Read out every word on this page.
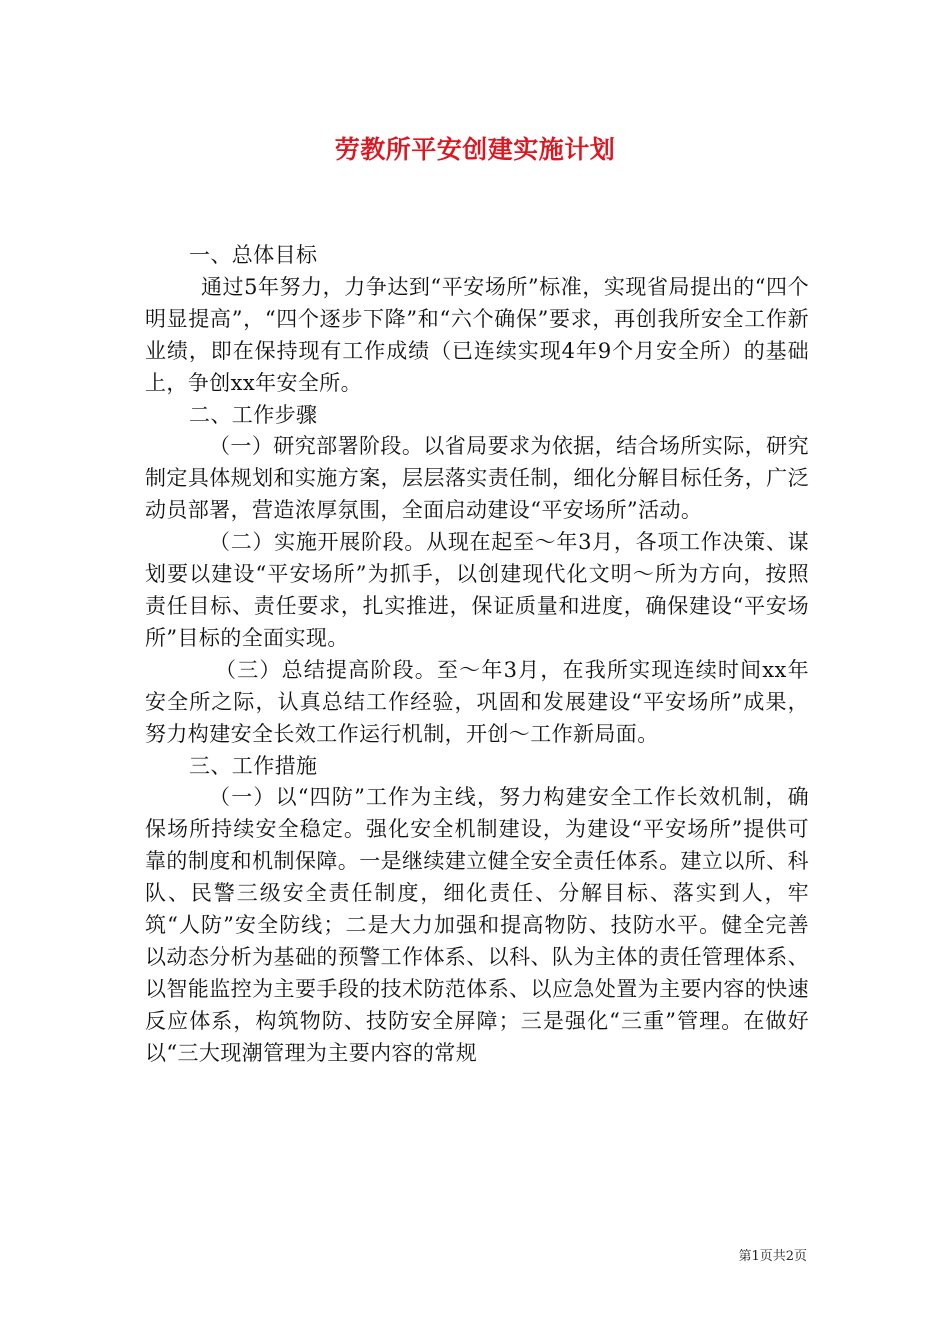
劳教所平安创建实施计划

一、总体目标

通过5年努力，力争达到“平安场所”标准，实现省局提出的“四个明显提高”，“四个逐步下降”和“六个确保”要求，再创我所安全工作新业绩，即在保持现有工作成绩（已连续实现4年9个月安全所）的基础上，争创xx年安全所。

二、工作步骤

（一）研究部署阶段。以省局要求为依据，结合场所实际，研究制定具体规划和实施方案，层层落实责任制，细化分解目标任务，广泛动员部署，营造浓厚氛围，全面启动建设“平安场所”活动。

（二）实施开展阶段。从现在起至～年3月，各项工作决策、谋划要以建设“平安场所”为抓手，以创建现代化文明～所为方向，按照责任目标、责任要求，扎实推进，保证质量和进度，确保建设“平安场所”目标的全面实现。

（三）总结提高阶段。至～年3月，在我所实现连续时间xx年安全所之际，认真总结工作经验，巩固和发展建设“平安场所”成果，努力构建安全长效工作运行机制，开创～工作新局面。

三、工作措施

（一）以“四防”工作为主线，努力构建安全工作长效机制，确保场所持续安全稳定。强化安全机制建设，为建设“平安场所”提供可靠的制度和机制保障。一是继续建立健全安全责任体系。建立以所、科队、民警三级安全责任制度，细化责任、分解目标、落实到人，牢筑“人防”安全防线；二是大力加强和提高物防、技防水平。健全完善以动态分析为基础的预警工作体系、以科、队为主体的责任管理体系、以智能监控为主要手段的技术防范体系、以应急处置为主要内容的快速反应体系，构筑物防、技防安全屏障；三是强化“三重”管理。在做好以“三大现潮管理为主要内容的常规

第1页共2页
